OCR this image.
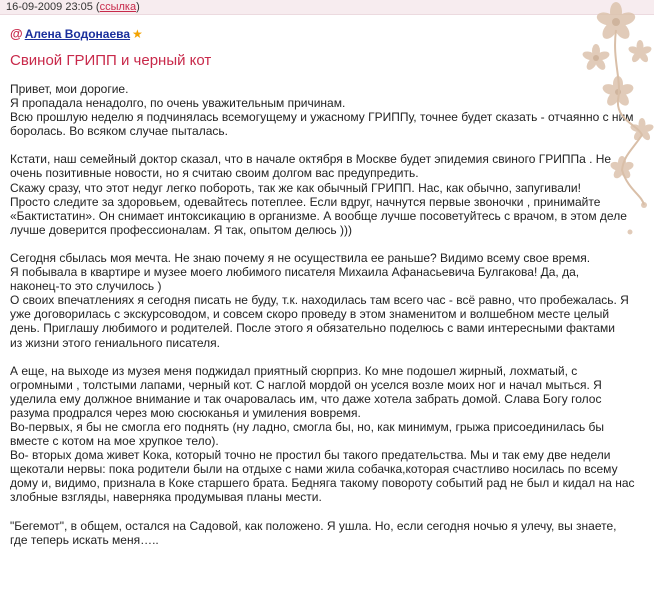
16-09-2009 23:05 (ссылка)
@ Алена Водонаева ★
Свиной ГРИПП и черный кот

Привет, мои дорогие.
Я пропадала ненадолго, по очень уважительным причинам.
Всю прошлую неделю я подчинялась всемогущему и ужасному ГРИППу, точнее будет сказать - отчаянно с ним
боролась. Во всяком случае пыталась.

Кстати, наш семейный доктор сказал, что в начале октября в Москве будет эпидемия свиного ГРИППа . Не
очень позитивные новости, но я считаю своим долгом вас предупредить.
Скажу сразу, что этот недуг легко побороть, так же как обычный ГРИПП. Нас, как обычно, запугивали!
Просто следите за здоровьем, одевайтесь потеплее. Если вдруг, начнутся первые звоночки , принимайте
«Бактистатин». Он снимает интоксикацию в организме. А вообще лучше посоветуйтесь с врачом, в этом деле
лучше доверится профессионалам. Я так, опытом делюсь )))

Сегодня сбылась моя мечта. Не знаю почему я не осуществила ее раньше? Видимо всему свое время.
Я побывала в квартире и музее моего любимого писателя Михаила Афанасьевича Булгакова! Да, да,
наконец-то это случилось )
О своих впечатлениях я сегодня писать не буду, т.к. находилась там всего час - всё равно, что пробежалась. Я
уже договорилась с экскурсоводом, и совсем скоро проведу в этом знаменитом и волшебном месте целый
день. Приглашу любимого и родителей. После этого я обязательно поделюсь с вами интересными фактами
из жизни этого гениального писателя.

А еще, на выходе из музея меня поджидал приятный сюрприз. Ко мне подошел жирный, лохматый, с
огромными , толстыми лапами, черный кот. С наглой мордой он уселся возле моих ног и начал мыться. Я
уделила ему должное внимание и так очаровалась им, что даже хотела забрать домой. Слава Богу голос
разума продрался через мою сюсюканья и умиления вовремя.
Во-первых, я бы не смогла его поднять (ну ладно, смогла бы, но, как минимум, грыжа присоединилась бы
вместе с котом на мое хрупкое тело).
Во- вторых дома живет Кока, который точно не простил бы такого предательства. Мы и так ему две недели
щекотали нервы: пока родители были на отдыхе с нами жила собачка,которая счастливо носилась по всему
дому и, видимо, признала в Коке старшего брата. Бедняга такому повороту событий рад не был и кидал на нас
злобные взгляды, наверняка продумывая планы мести.

"Бегемот", в общем, остался на Садовой, как положено. Я ушла. Но, если сегодня ночью я улечу, вы знаете,
где теперь искать меня…..
